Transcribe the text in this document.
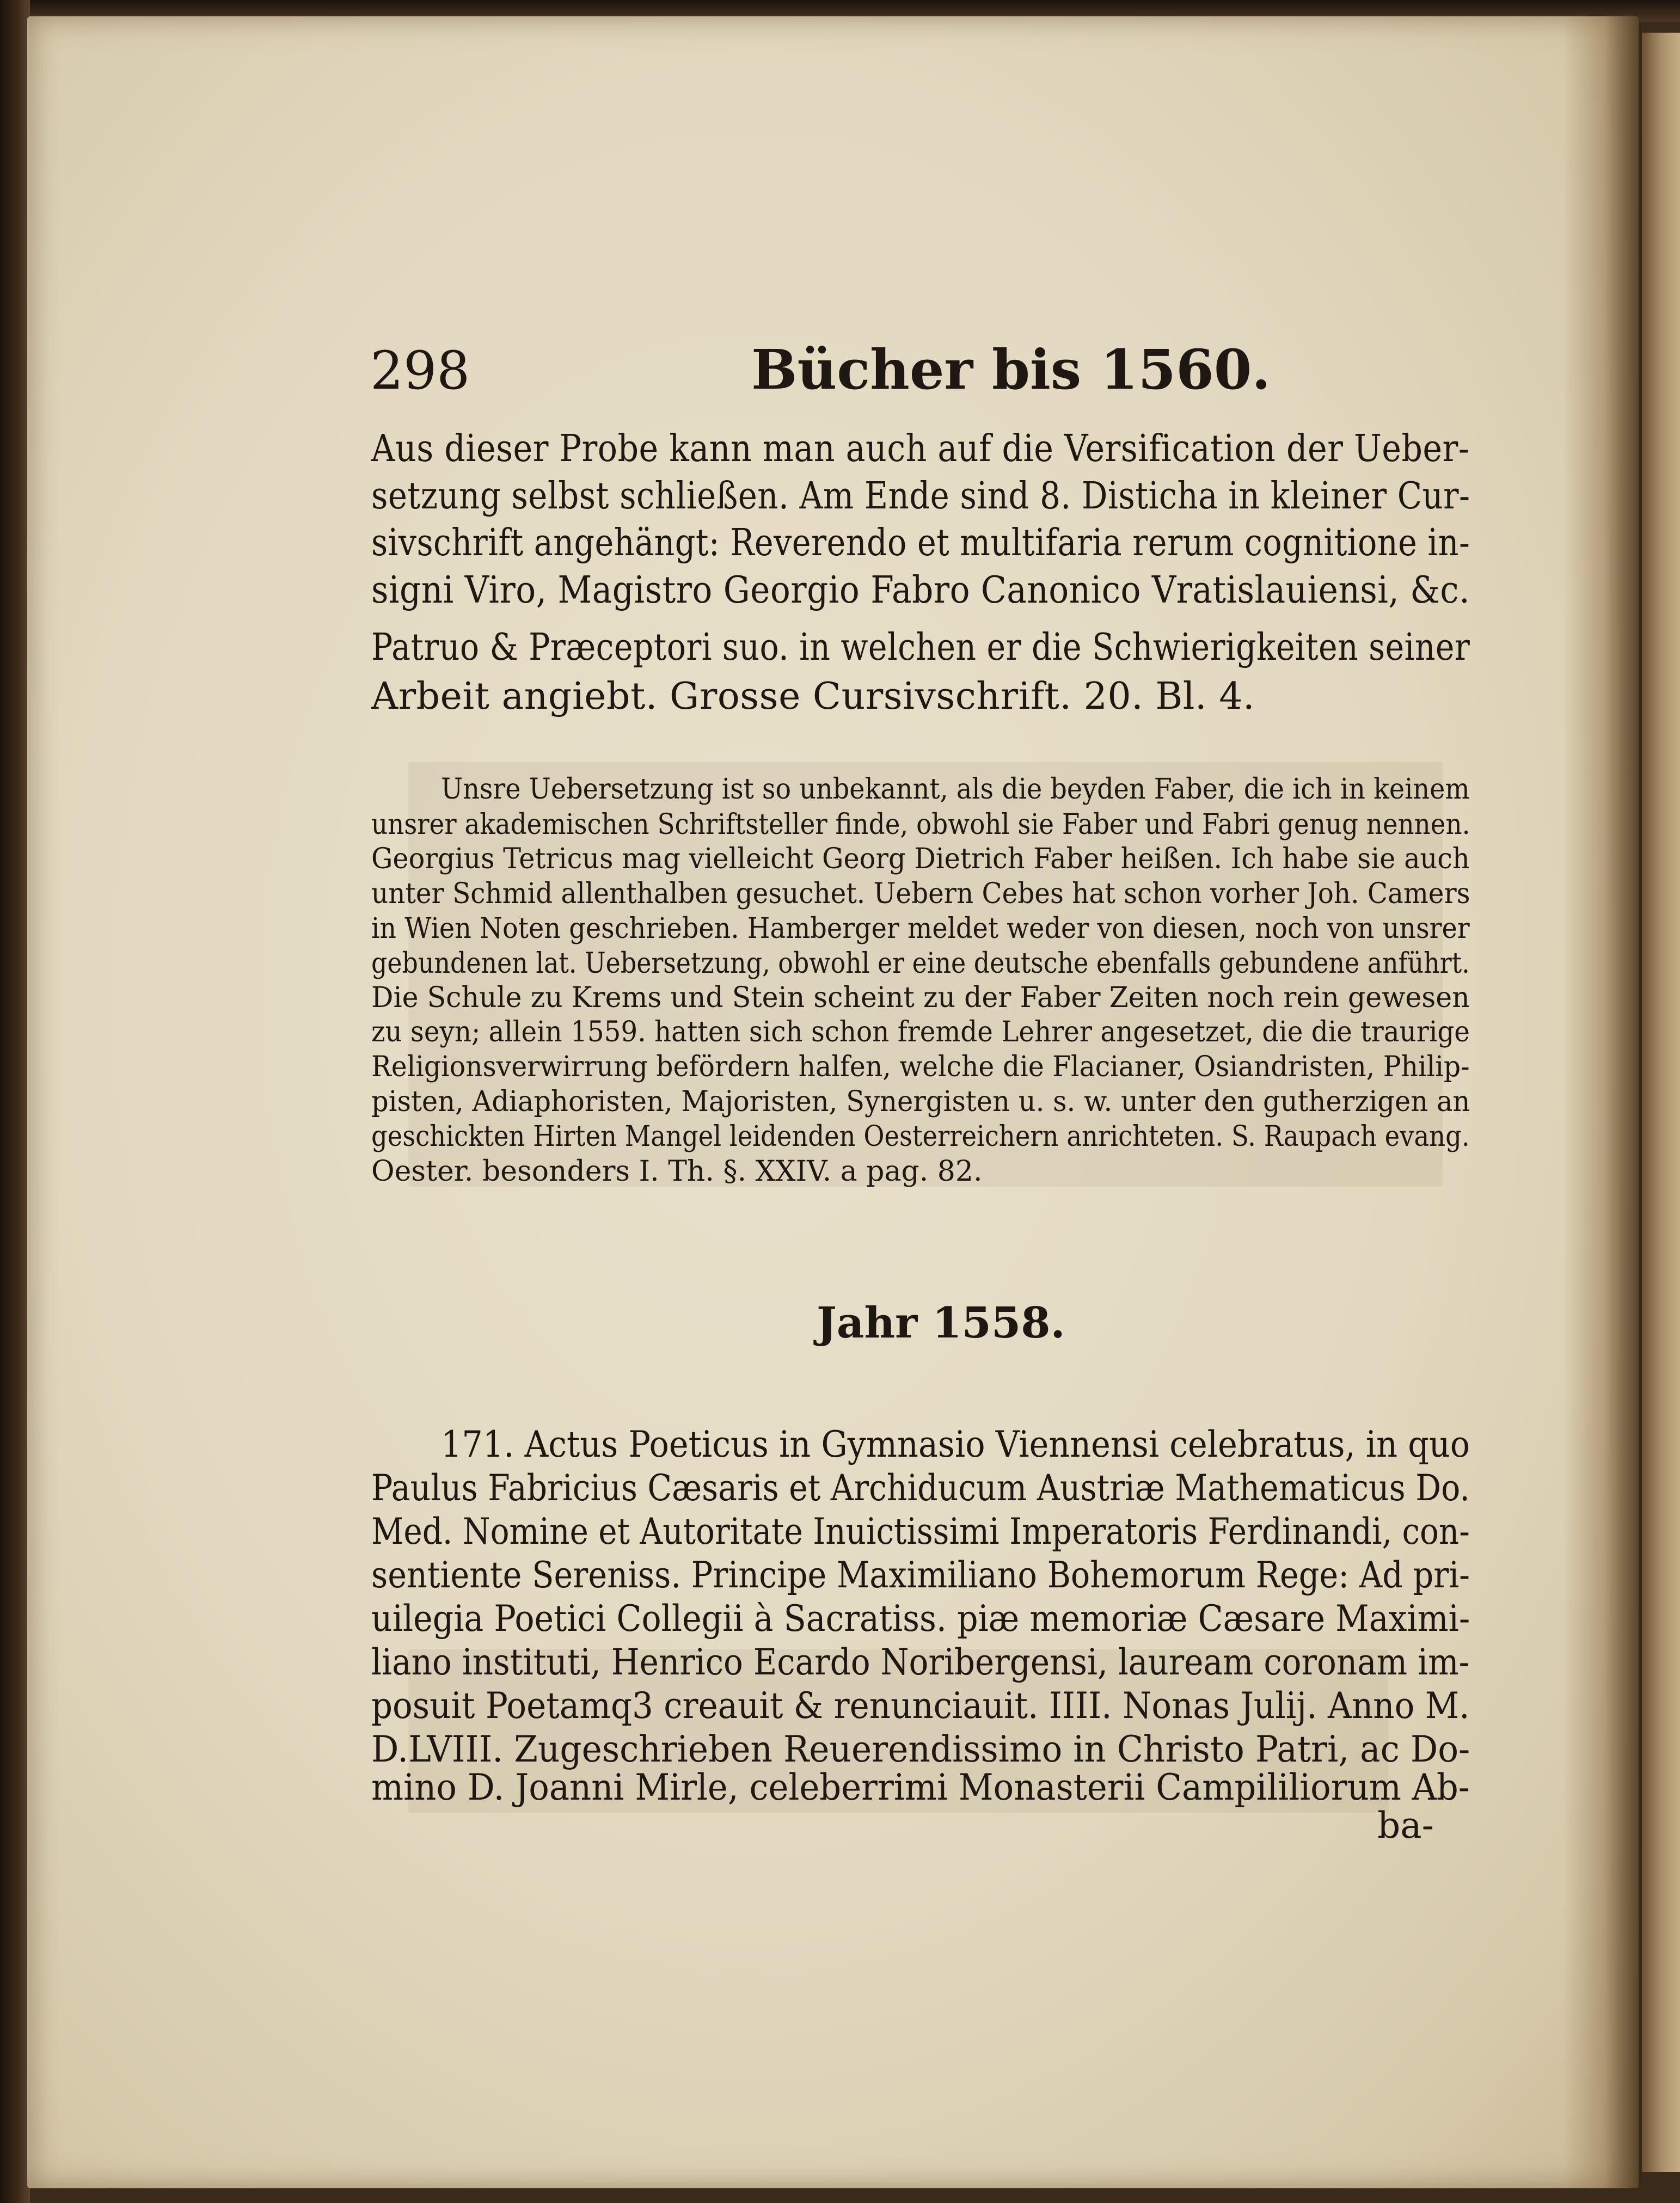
298	Bücher bis 1560.
Aus dieser Probe kann man auch auf die Versification der Ueber-
setzung selbst schließen. Am Ende sind 8. Disticha in kleiner Cur-
sivschrift angehängt: Reverendo et multifaria rerum cognitione in-
signi Viro, Magistro Georgio Fabro Canonico Vratislauiensi, &c.
Patruo & Præceptori suo. in welchen er die Schwierigkeiten seiner
Arbeit angiebt. Grosse Cursivschrift. 20. Bl. 4.
Unsre Uebersetzung ist so unbekannt, als die beyden Faber, die ich in keinem
unsrer akademischen Schriftsteller finde, obwohl sie Faber und Fabri genug nennen.
Georgius Tetricus mag vielleicht Georg Dietrich Faber heißen. Ich habe sie auch
unter Schmid allenthalben gesuchet. Uebern Cebes hat schon vorher Joh. Camers
in Wien Noten geschrieben. Hamberger meldet weder von diesen, noch von unsrer
gebundenen lat. Uebersetzung, obwohl er eine deutsche ebenfalls gebundene anführt.
Die Schule zu Krems und Stein scheint zu der Faber Zeiten noch rein gewesen
zu seyn; allein 1559. hatten sich schon fremde Lehrer angesetzet, die die traurige
Religionsverwirrung befördern halfen, welche die Flacianer, Osiandristen, Philip-
pisten, Adiaphoristen, Majoristen, Synergisten u. s. w. unter den gutherzigen an
geschickten Hirten Mangel leidenden Oesterreichern anrichteten. S. Raupach evang.
Oester. besonders I. Th. §. XXIV. a pag. 82.
Jahr 1558.
171. Actus Poeticus in Gymnasio Viennensi celebratus, in quo
Paulus Fabricius Cæsaris et Archiducum Austriæ Mathematicus Do.
Med. Nomine et Autoritate Inuictissimi Imperatoris Ferdinandi, con-
sentiente Sereniss. Principe Maximiliano Bohemorum Rege: Ad pri-
uilegia Poetici Collegii à Sacratiss. piæ memoriæ Cæsare Maximi-
liano instituti, Henrico Ecardo Noribergensi, lauream coronam im-
posuit Poetamq3 creauit & renunciauit. IIII. Nonas Julij. Anno M.
D.LVIII. Zugeschrieben Reuerendissimo in Christo Patri, ac Do-
mino D. Joanni Mirle, celeberrimi Monasterii Campililiorum Ab-
ba-
